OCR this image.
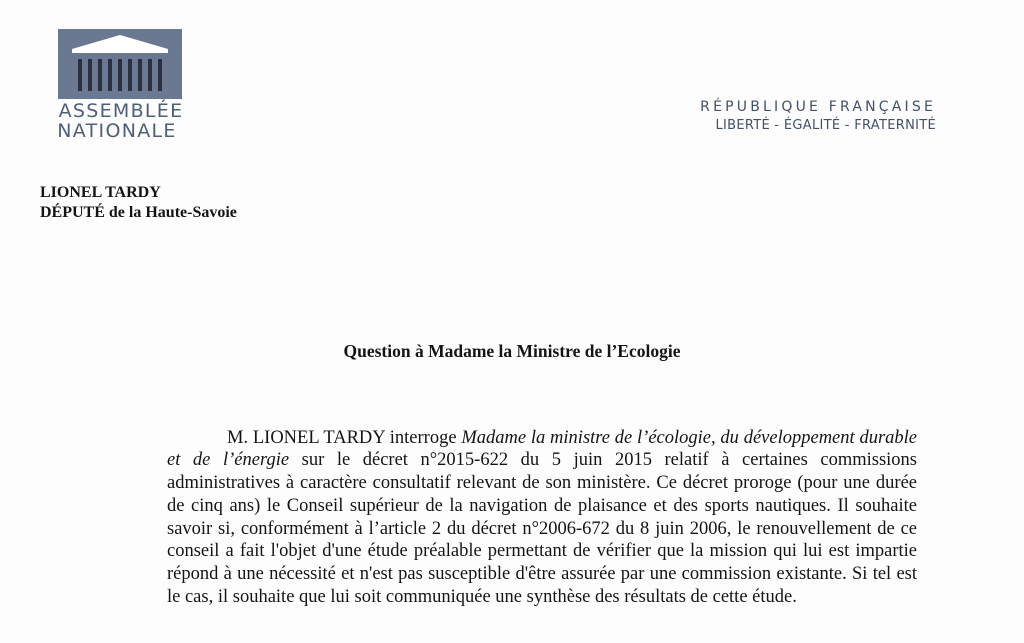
ASSEMBLÉE
NATIONALE
RÉPUBLIQUE FRANÇAISE
LIBERTÉ - ÉGALITÉ - FRATERNITÉ
LIONEL TARDY
DÉPUTÉ de la Haute-Savoie
Question à Madame la Ministre de l’Ecologie

M. LIONEL TARDY interroge Madame la ministre de l’écologie, du développement durable et de l’énergie sur le décret n°2015-622 du 5 juin 2015 relatif à certaines commissions administratives à caractère consultatif relevant de son ministère. Ce décret proroge (pour une durée de cinq ans) le Conseil supérieur de la navigation de plaisance et des sports nautiques. Il souhaite savoir si, conformément à l’article 2 du décret n°2006-672 du 8 juin 2006, le renouvellement de ce conseil a fait l'objet d'une étude préalable permettant de vérifier que la mission qui lui est impartie répond à une nécessité et n'est pas susceptible d'être assurée par une commission existante. Si tel est le cas, il souhaite que lui soit communiquée une synthèse des résultats de cette étude.
